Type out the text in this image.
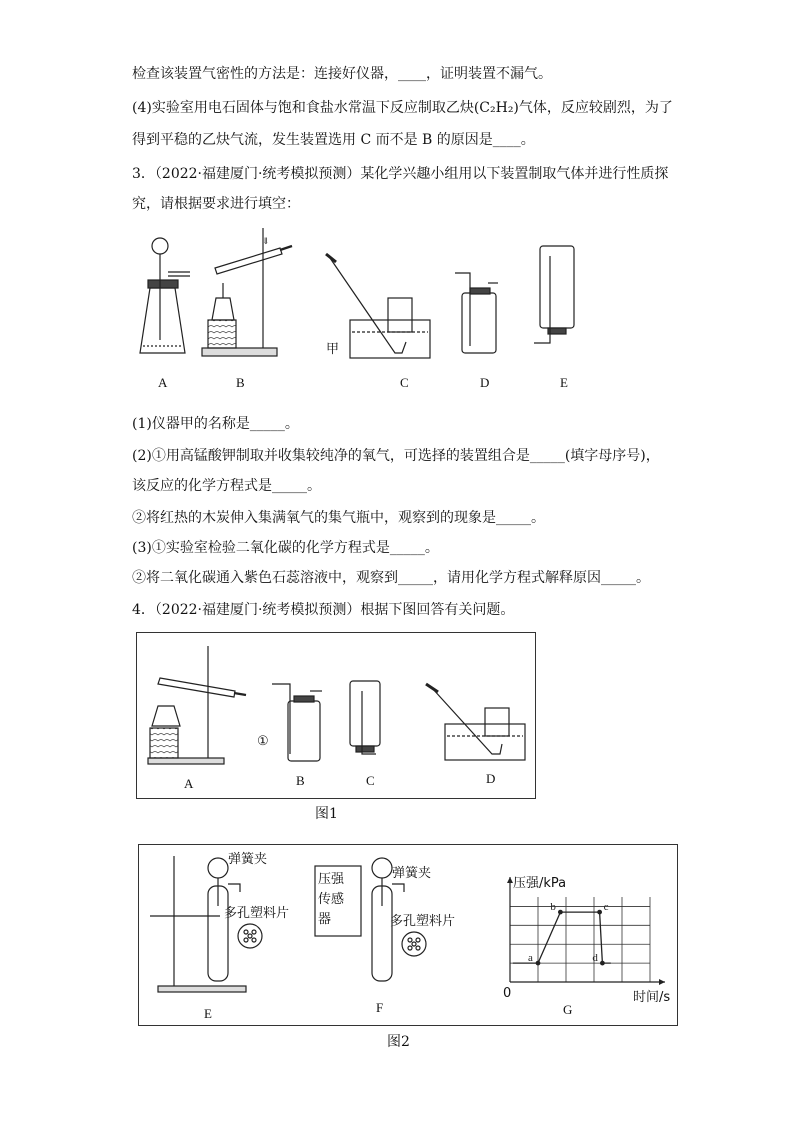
检查该装置气密性的方法是：连接好仪器，____，证明装置不漏气。
(4)实验室用电石固体与饱和食盐水常温下反应制取乙炔(C₂H₂)气体，反应较剧烈，为了
得到平稳的乙炔气流，发生装置选用 C 而不是 B 的原因是____。
3．（2022·福建厦门·统考模拟预测）某化学兴趣小组用以下装置制取气体并进行性质探
究，请根据要求进行填空：
⇓
A	B	C	D	E
甲
(1)仪器甲的名称是_____。
(2)①用高锰酸钾制取并收集较纯净的氧气，可选择的装置组合是_____(填字母序号)，
该反应的化学方程式是_____。
②将红热的木炭伸入集满氧气的集气瓶中，观察到的现象是_____。
(3)①实验室检验二氧化碳的化学方程式是_____。
②将二氧化碳通入紫色石蕊溶液中，观察到_____，请用化学方程式解释原因_____。
4．（2022·福建厦门·统考模拟预测）根据下图回答有关问题。
A	B	C	D
①
图1
弹簧夹
多孔塑料片
弹簧夹
多孔塑料片
压强
传感
器
a
b	c
d
压强/kPa
时间/s
0
E	F	G
图2
